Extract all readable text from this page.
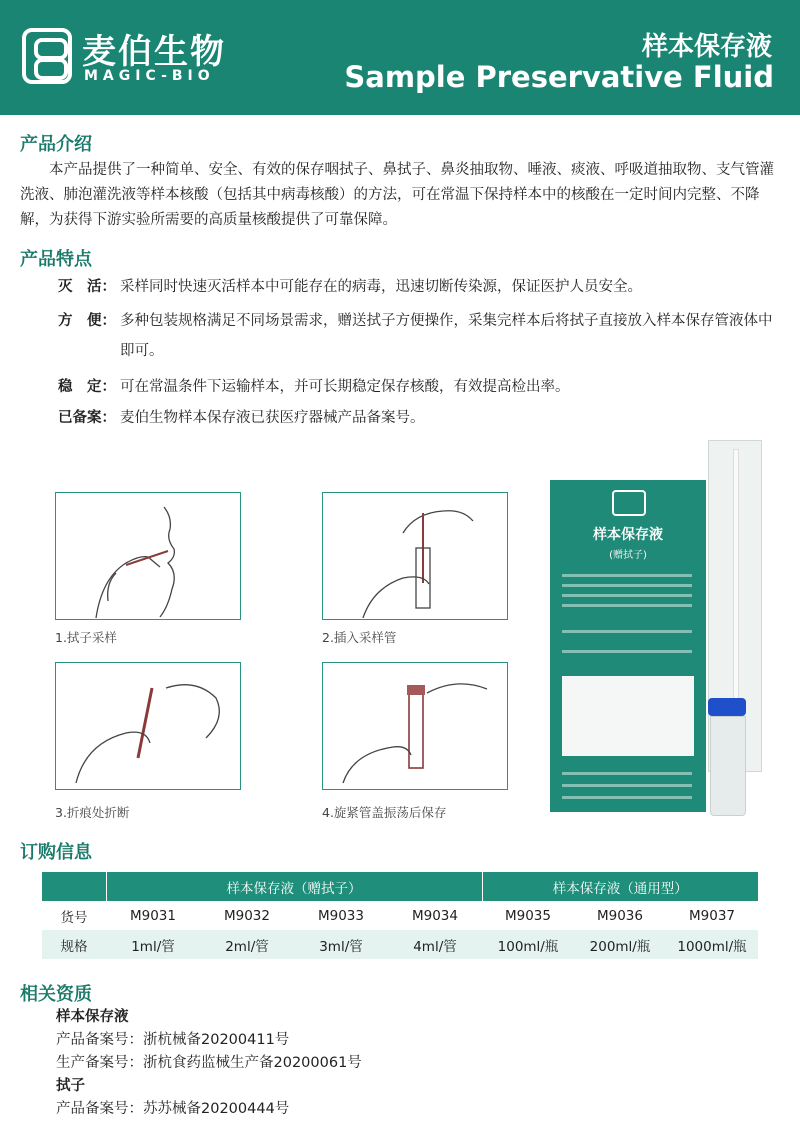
麦伯生物
MAGIC-BIO
样本保存液
Sample Preservative Fluid
产品介绍

本产品提供了一种简单、安全、有效的保存咽拭子、鼻拭子、鼻炎抽取物、唾液、痰液、呼吸道抽取物、支气管灌洗液、肺泡灌洗液等样本核酸（包括其中病毒核酸）的方法，可在常温下保持样本中的核酸在一定时间内完整、不降解，为获得下游实验所需要的高质量核酸提供了可靠保障。

产品特点
灭　活： 采样同时快速灭活样本中可能存在的病毒，迅速切断传染源，保证医护人员安全。
方　便： 多种包装规格满足不同场景需求，赠送拭子方便操作，采集完样本后将拭子直接放入样本保存管液体中即可。
稳　定： 可在常温条件下运输样本，并可长期稳定保存核酸，有效提高检出率。
已备案： 麦伯生物样本保存液已获医疗器械产品备案号。
1.拭子采样	2.插入采样管
3.折痕处折断	4.旋紧管盖振荡后保存
样本保存液
(赠拭子)
订购信息
	样本保存液（赠拭子）				样本保存液（通用型）		
货号	M9031	M9032	M9033	M9034	M9035	M9036	M9037
规格	1ml/管	2ml/管	3ml/管	4ml/管	100ml/瓶	200ml/瓶	1000ml/瓶
相关资质
样本保存液
产品备案号：浙杭械备20200411号
生产备案号：浙杭食药监械生产备20200061号
拭子
产品备案号：苏苏械备20200444号
